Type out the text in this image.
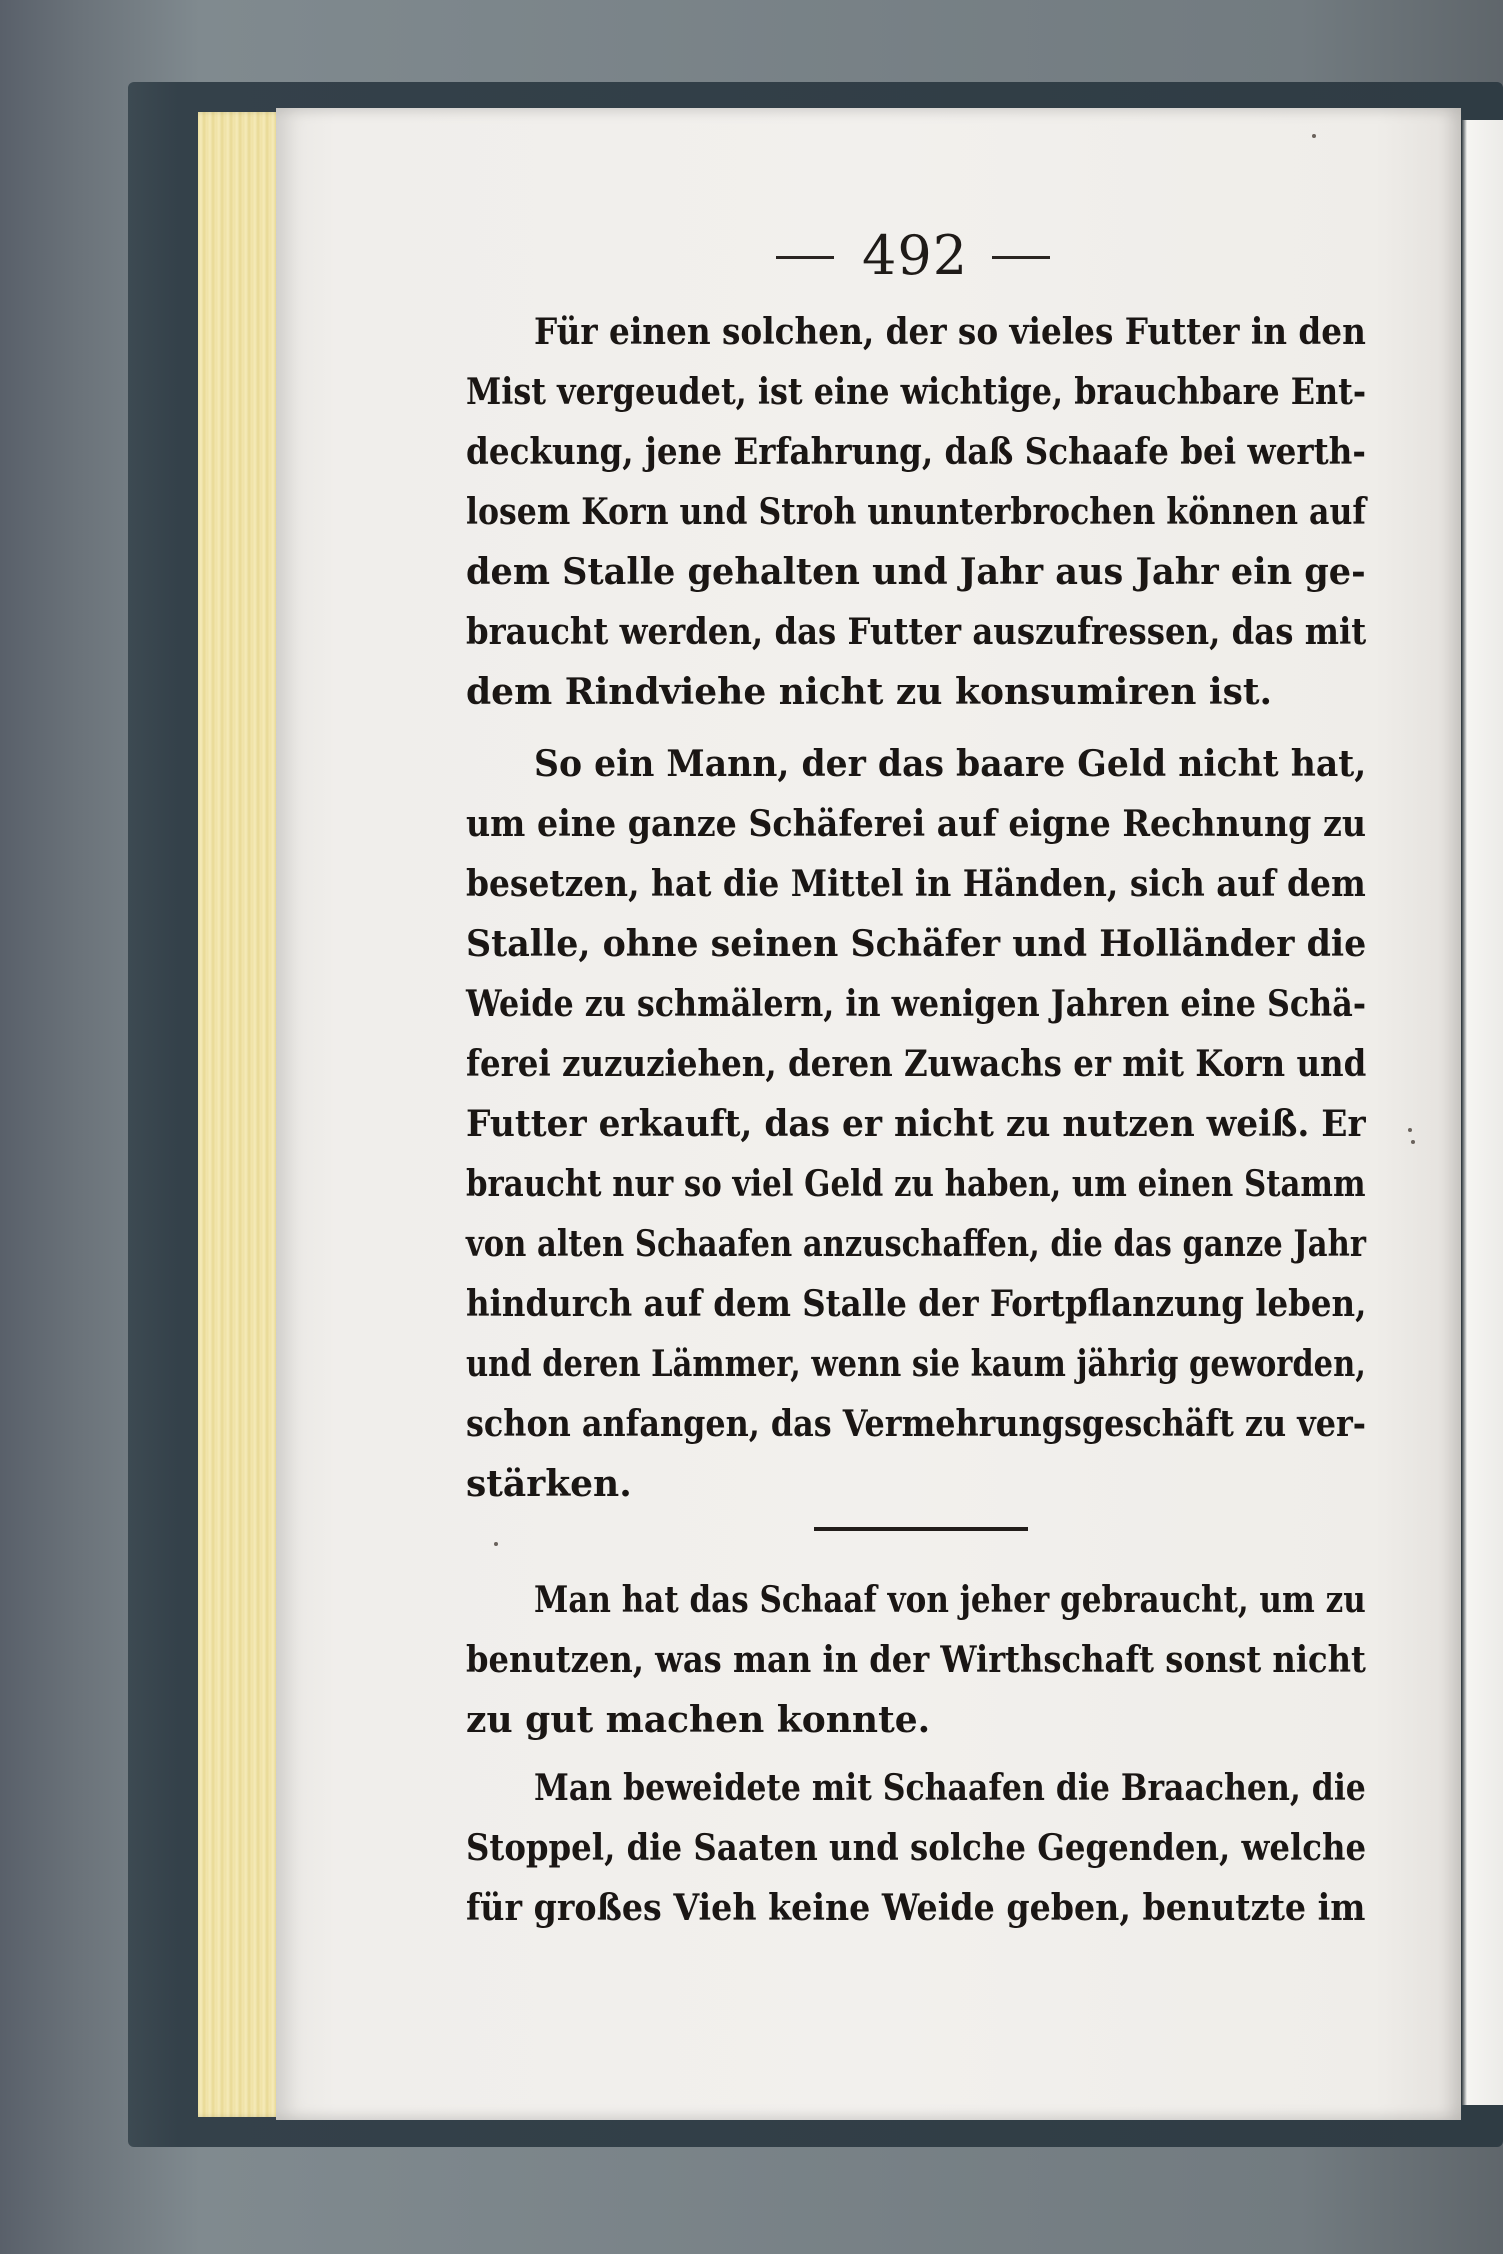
492
Für einen solchen, der so vieles Futter in den
Mist vergeudet, ist eine wichtige, brauchbare Ent-
deckung, jene Erfahrung, daß Schaafe bei werth-
losem Korn und Stroh ununterbrochen können auf
dem Stalle gehalten und Jahr aus Jahr ein ge-
braucht werden, das Futter auszufressen, das mit
dem Rindviehe nicht zu konsumiren ist.
So ein Mann, der das baare Geld nicht hat,
um eine ganze Schäferei auf eigne Rechnung zu
besetzen, hat die Mittel in Händen, sich auf dem
Stalle, ohne seinen Schäfer und Holländer die
Weide zu schmälern, in wenigen Jahren eine Schä-
ferei zuzuziehen, deren Zuwachs er mit Korn und
Futter erkauft, das er nicht zu nutzen weiß. Er
braucht nur so viel Geld zu haben, um einen Stamm
von alten Schaafen anzuschaffen, die das ganze Jahr
hindurch auf dem Stalle der Fortpflanzung leben,
und deren Lämmer, wenn sie kaum jährig geworden,
schon anfangen, das Vermehrungsgeschäft zu ver-
stärken.
Man hat das Schaaf von jeher gebraucht, um zu
benutzen, was man in der Wirthschaft sonst nicht
zu gut machen konnte.
Man beweidete mit Schaafen die Braachen, die
Stoppel, die Saaten und solche Gegenden, welche
für großes Vieh keine Weide geben, benutzte im
